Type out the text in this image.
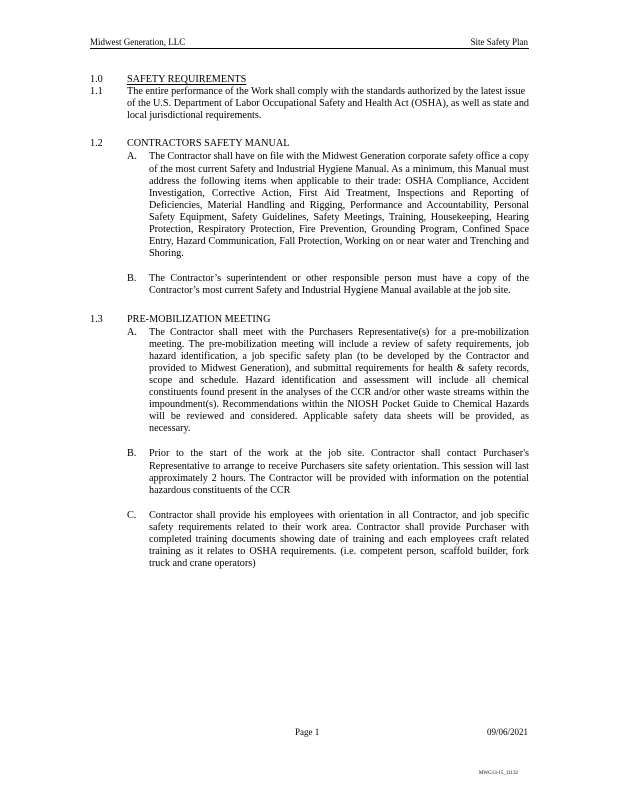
Midwest Generation, LLC	Site Safety Plan
1.0	SAFETY REQUIREMENTS
1.1	The entire performance of the Work shall comply with the standards authorized by the latest issue of the U.S. Department of Labor Occupational Safety and Health Act (OSHA), as well as state and local jurisdictional requirements.
1.2	CONTRACTORS SAFETY MANUAL
A.	The Contractor shall have on file with the Midwest Generation corporate safety office a copy of the most current Safety and Industrial Hygiene Manual. As a minimum, this Manual must address the following items when applicable to their trade: OSHA Compliance, Accident Investigation, Corrective Action, First Aid Treatment, Inspections and Reporting of Deficiencies, Material Handling and Rigging, Performance and Accountability, Personal Safety Equipment, Safety Guidelines, Safety Meetings, Training, Housekeeping, Hearing Protection, Respiratory Protection, Fire Prevention, Grounding Program, Confined Space Entry, Hazard Communication, Fall Protection, Working on or near water and Trenching and Shoring.
B.	The Contractor’s superintendent or other responsible person must have a copy of the Contractor’s most current Safety and Industrial Hygiene Manual available at the job site.
1.3	PRE-MOBILIZATION MEETING
A.	The Contractor shall meet with the Purchasers Representative(s) for a pre-mobilization meeting. The pre-mobilization meeting will include a review of safety requirements, job hazard identification, a job specific safety plan (to be developed by the Contractor and provided to Midwest Generation), and submittal requirements for health & safety records, scope and schedule. Hazard identification and assessment will include all chemical constituents found present in the analyses of the CCR and/or other waste streams within the impoundment(s). Recommendations within the NIOSH Pocket Guide to Chemical Hazards will be reviewed and considered. Applicable safety data sheets will be provided, as necessary.
B.	Prior to the start of the work at the job site. Contractor shall contact Purchaser's Representative to arrange to receive Purchasers site safety orientation. This session will last approximately 2 hours. The Contractor will be provided with information on the potential hazardous constituents of the CCR
C.	Contractor shall provide his employees with orientation in all Contractor, and job specific safety requirements related to their work area. Contractor shall provide Purchaser with completed training documents showing date of training and each employees craft related training as it relates to OSHA requirements. (i.e. competent person, scaffold builder, fork truck and crane operators)
Page 1	09/06/2021
MWG13-15_11132
